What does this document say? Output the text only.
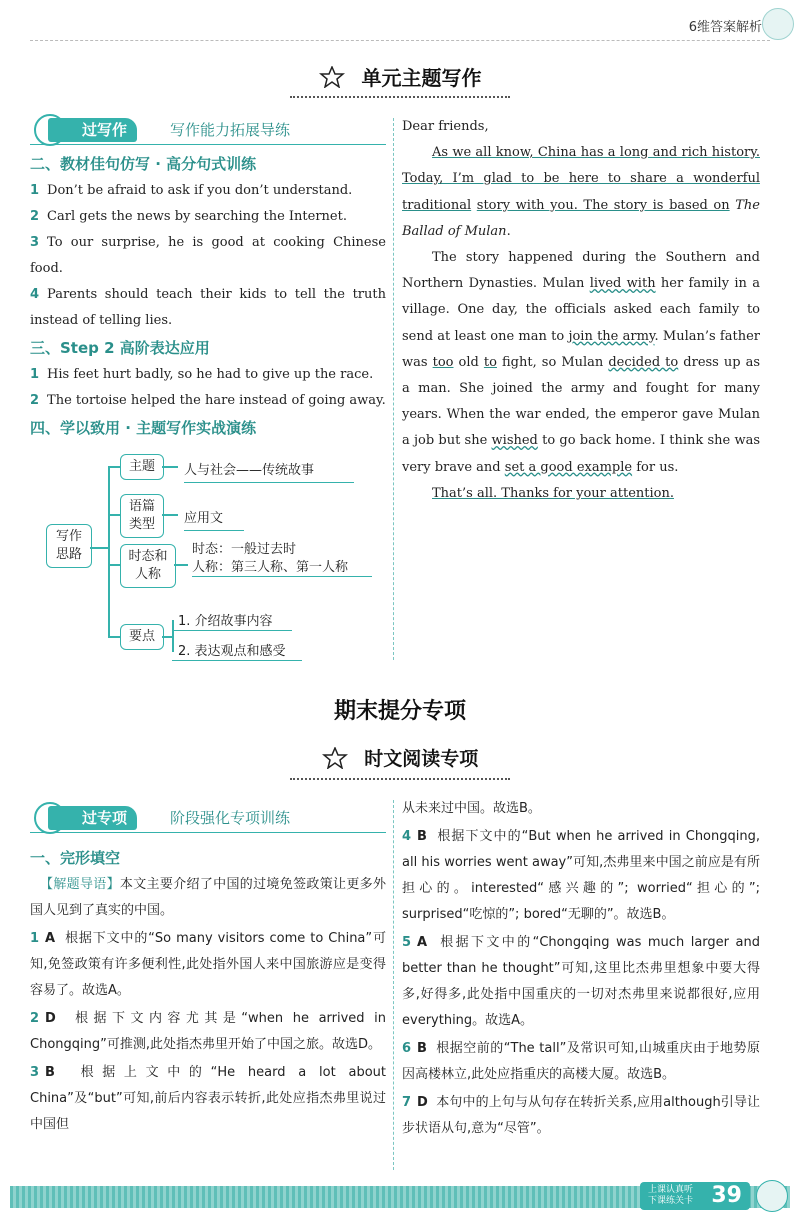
6维答案解析
单元主题写作
过写作	写作能力拓展导练
二、教材佳句仿写 · 高分句式训练
1 Don’t be afraid to ask if you don’t understand.
2 Carl gets the news by searching the Internet.
3 To our surprise, he is good at cooking Chinese food.
4 Parents should teach their kids to tell the truth instead of telling lies.
三、Step 2 高阶表达应用
1 His feet hurt badly, so he had to give up the race.
2 The tortoise helped the hare instead of going away.
四、学以致用 · 主题写作实战演练
写作
思路
主题	人与社会——传统故事
语篇
类型	应用文
时态和
人称
时态：一般过去时
人称：第三人称、第一人称
要点
1. 介绍故事内容
2. 表达观点和感受
Dear friends,

As we all know, China has a long and rich history. Today, I’m glad to be here to share a wonderful traditional story with you. The story is based on The Ballad of Mulan.

The story happened during the Southern and Northern Dynasties. Mulan lived with her family in a village. One day, the officials asked each family to send at least one man to join the army. Mulan’s father was too old to fight, so Mulan decided to dress up as a man. She joined the army and fought for many years. When the war ended, the emperor gave Mulan a job but she wished to go back home. I think she was very brave and set a good example for us.

That’s all. Thanks for your attention.

期末提分专项
时文阅读专项
过专项	阶段强化专项训练
一、完形填空

【解题导语】本文主要介绍了中国的过境免签政策让更多外国人见到了真实的中国。

1 A 根据下文中的“So many visitors come to China”可知,免签政策有许多便利性,此处指外国人来中国旅游应是变得容易了。故选A。

2 D 根据下文内容尤其是“when he arrived in Chongqing”可推测,此处指杰弗里开始了中国之旅。故选D。

3 B 根据上文中的“He heard a lot about China”及“but”可知,前后内容表示转折,此处应指杰弗里说过中国但

从未来过中国。故选B。

4 B 根据下文中的“But when he arrived in Chongqing, all his worries went away”可知,杰弗里来中国之前应是有所担心的。interested“感兴趣的”; worried“担心的”; surprised“吃惊的”; bored“无聊的”。故选B。

5 A 根据下文中的“Chongqing was much larger and better than he thought”可知,这里比杰弗里想象中要大得多,好得多,此处指中国重庆的一切对杰弗里来说都很好,应用everything。故选A。

6 B 根据空前的“The tall”及常识可知,山城重庆由于地势原因高楼林立,此处应指重庆的高楼大厦。故选B。

7 D 本句中的上句与从句存在转折关系,应用although引导让步状语从句,意为“尽管”。

上课认真听
下课练关卡 39
